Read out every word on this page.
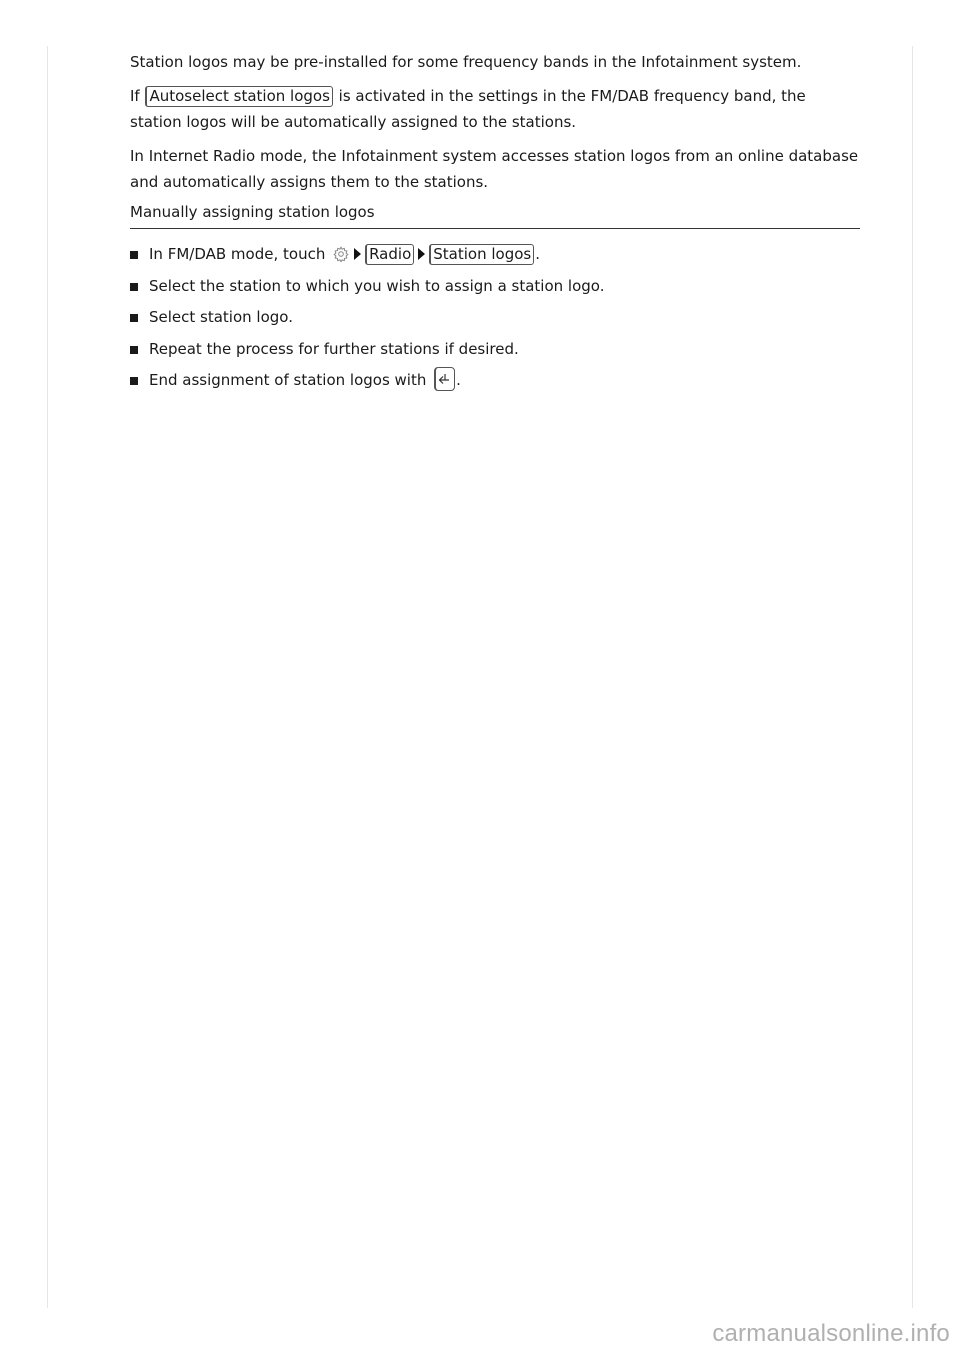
Station logos may be pre-installed for some frequency bands in the Infotainment system.

If Autoselect station logos is activated in the settings in the FM/DAB frequency band, the station logos will be automatically assigned to the stations.

In Internet Radio mode, the Infotainment system accesses station logos from an online database and automatically assigns them to the stations.

Manually assigning station logos
In FM/DAB mode, touch	Radio Station logos .
Select the station to which you wish to assign a station logo.
Select station logo.
Repeat the process for further stations if desired.
End assignment of station logos with
.
carmanualsonline.info
